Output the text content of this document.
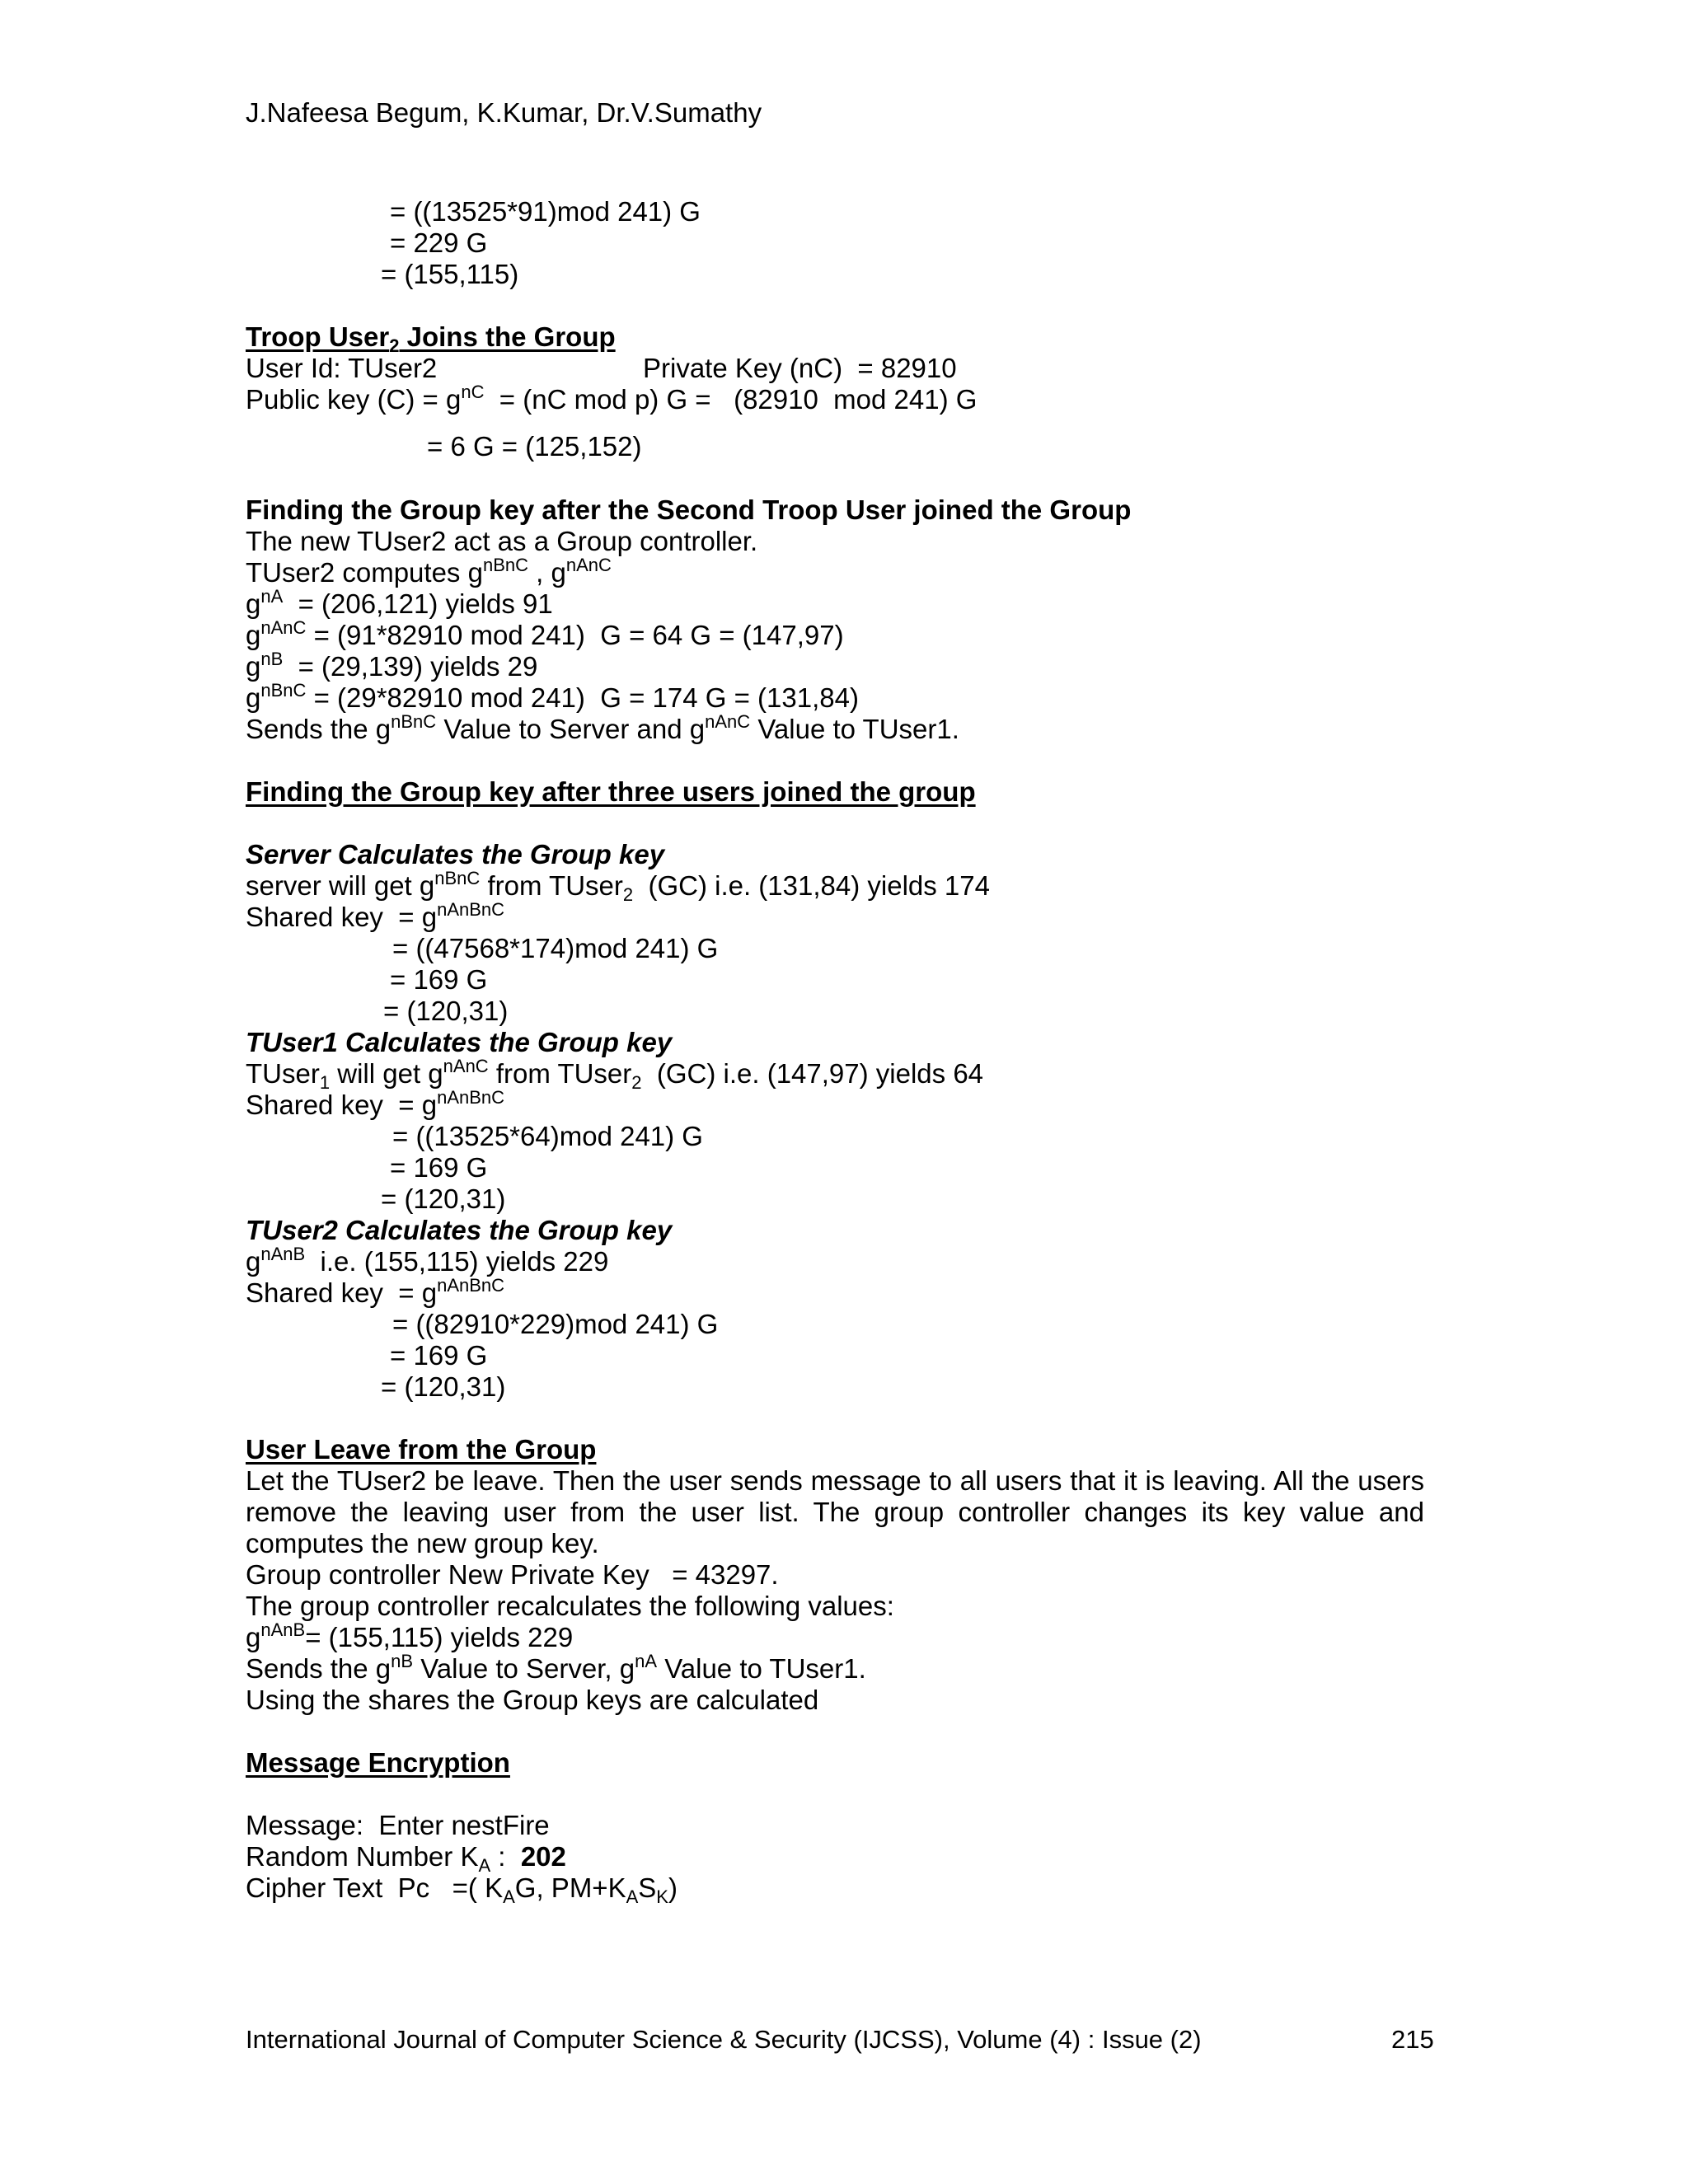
J.Nafeesa Begum, K.Kumar, Dr.V.Sumathy
= ((13525*91)mod 241) G
= 229 G
= (155,115)
Troop User$_2$ Joins the Group
User Id: TUser2	Private Key (nC)  = 82910
Public key $(C) = g^{nC} = (nC$ mod p) G =   (82910  mod 241) G
= 6 G = (125,152)
Finding the Group key after the Second Troop User joined the Group
The new TUser2 act as a Group controller.
TUser2 computes $g^{nBnC}$ , $g^{nAnC}$
$g^{nA} = (206,121)$ yields 91
$g^{nAnC} = (91*82910$ mod 241)  G = 64 G = (147,97)
$g^{nB} = (29,139)$ yields 29
$g^{nBnC} = (29*82910$ mod 241)  G = 174 G = (131,84)
Sends the $g^{nBnC}$ Value to Server and $g^{nAnC}$ Value to TUser1.
Finding the Group key after three users joined the group
Server Calculates the Group key
server will get $g^{nBnC}$ from TUser$_2$  (GC) i.e. (131,84) yields 174
Shared key  = $g^{nAnBnC}$
= ((47568*174)mod 241) G
= 169 G
= (120,31)
TUser1 Calculates the Group key
TUser$_1$ will get $g^{nAnC}$ from TUser$_2$  (GC) i.e. (147,97) yields 64
Shared key  = $g^{nAnBnC}$
= ((13525*64)mod 241) G
= 169 G
= (120,31)
TUser2 Calculates the Group key
$g^{nAnB}$  i.e. (155,115) yields 229
Shared key  = $g^{nAnBnC}$
= ((82910*229)mod 241) G
= 169 G
= (120,31)
User Leave from the Group
Let the TUser2 be leave. Then the user sends message to all users that it is leaving. All the users remove the leaving user from the user list. The group controller changes its key value and computes the new group key.
Group controller New Private Key   = 43297.
The group controller recalculates the following values:
$g^{nAnB}= (155,115)$ yields 229
Sends the $g^{nB}$ Value to Server, $g^{nA}$ Value to TUser1.
Using the shares the Group keys are calculated
Message Encryption
Message:  Enter nestFire
Random Number $K_A$ :  202
Cipher Text  Pc   =( $K_AG$, $PM+K_AS_K$)
International Journal of Computer Science & Security (IJCSS), Volume (4) : Issue (2)	215
